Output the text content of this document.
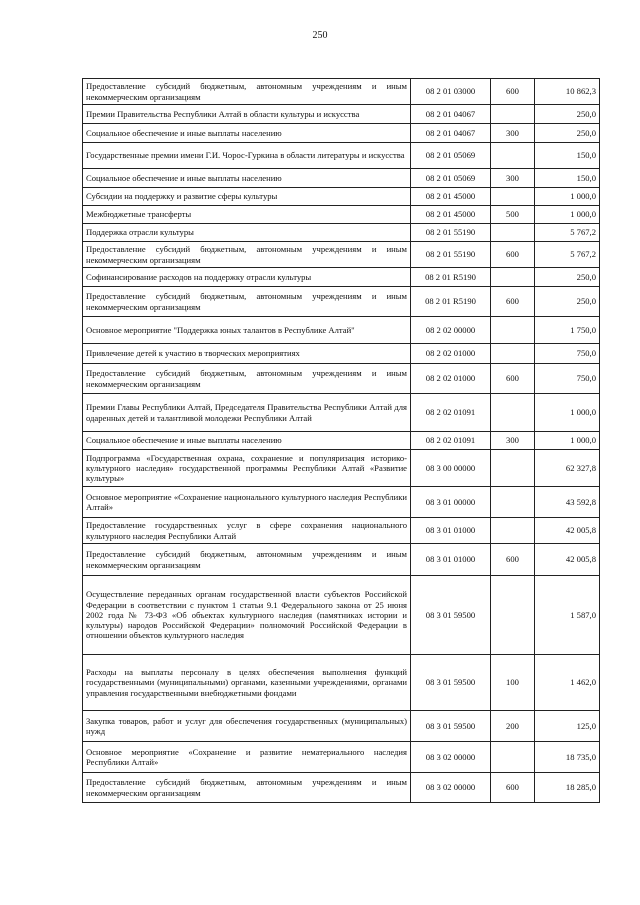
250
Предоставление субсидий бюджетным, автономным учреждениям и иным некоммерческим организациям	08 2 01 03000	600	10 862,3
Премии Правительства Республики Алтай в области культуры и искусства	08 2 01 04067		250,0
Социальное обеспечение и иные выплаты населению	08 2 01 04067	300	250,0
Государственные премии имени Г.И. Чорос-Гуркина в области литературы и искусства	08 2 01 05069		150,0
Социальное обеспечение и иные выплаты населению	08 2 01 05069	300	150,0
Субсидии на поддержку и развитие сферы культуры	08 2 01 45000		1 000,0
Межбюджетные трансферты	08 2 01 45000	500	1 000,0
Поддержка отрасли культуры	08 2 01 55190		5 767,2
Предоставление субсидий бюджетным, автономным учреждениям и иным некоммерческим организациям	08 2 01 55190	600	5 767,2
Софинансирование расходов на поддержку отрасли культуры	08 2 01 R5190		250,0
Предоставление субсидий бюджетным, автономным учреждениям и иным некоммерческим организациям	08 2 01 R5190	600	250,0
Основное мероприятие "Поддержка юных талантов в Республике Алтай"	08 2 02 00000		1 750,0
Привлечение детей к участию в творческих мероприятиях	08 2 02 01000		750,0
Предоставление субсидий бюджетным, автономным учреждениям и иным некоммерческим организациям	08 2 02 01000	600	750,0
Премии Главы Республики Алтай, Председателя Правительства Республики Алтай для одаренных детей и талантливой молодежи Республики Алтай	08 2 02 01091		1 000,0
Социальное обеспечение и иные выплаты населению	08 2 02 01091	300	1 000,0
Подпрограмма «Государственная охрана, сохранение и популяризация историко-культурного наследия» государственной программы Республики Алтай «Развитие культуры»	08 3 00 00000		62 327,8
Основное мероприятие «Сохранение национального культурного наследия Республики Алтай»	08 3 01 00000		43 592,8
Предоставление государственных услуг в сфере сохранения национального культурного наследия Республики Алтай	08 3 01 01000		42 005,8
Предоставление субсидий бюджетным, автономным учреждениям и иным некоммерческим организациям	08 3 01 01000	600	42 005,8
Осуществление переданных органам государственной власти субъектов Российской Федерации в соответствии с пунктом 1 статьи 9.1 Федерального закона от 25 июня 2002 года № 73-ФЗ «Об объектах культурного наследия (памятниках истории и культуры) народов Российской Федерации» полномочий Российской Федерации в отношении объектов культурного наследия	08 3 01 59500		1 587,0
Расходы на выплаты персоналу в целях обеспечения выполнения функций государственными (муниципальными) органами, казенными учреждениями, органами управления государственными внебюджетными фондами	08 3 01 59500	100	1 462,0
Закупка товаров, работ и услуг для обеспечения государственных (муниципальных) нужд	08 3 01 59500	200	125,0
Основное мероприятие «Сохранение и развитие нематериального наследия Республики Алтай»	08 3 02 00000		18 735,0
Предоставление субсидий бюджетным, автономным учреждениям и иным некоммерческим организациям	08 3 02 00000	600	18 285,0
